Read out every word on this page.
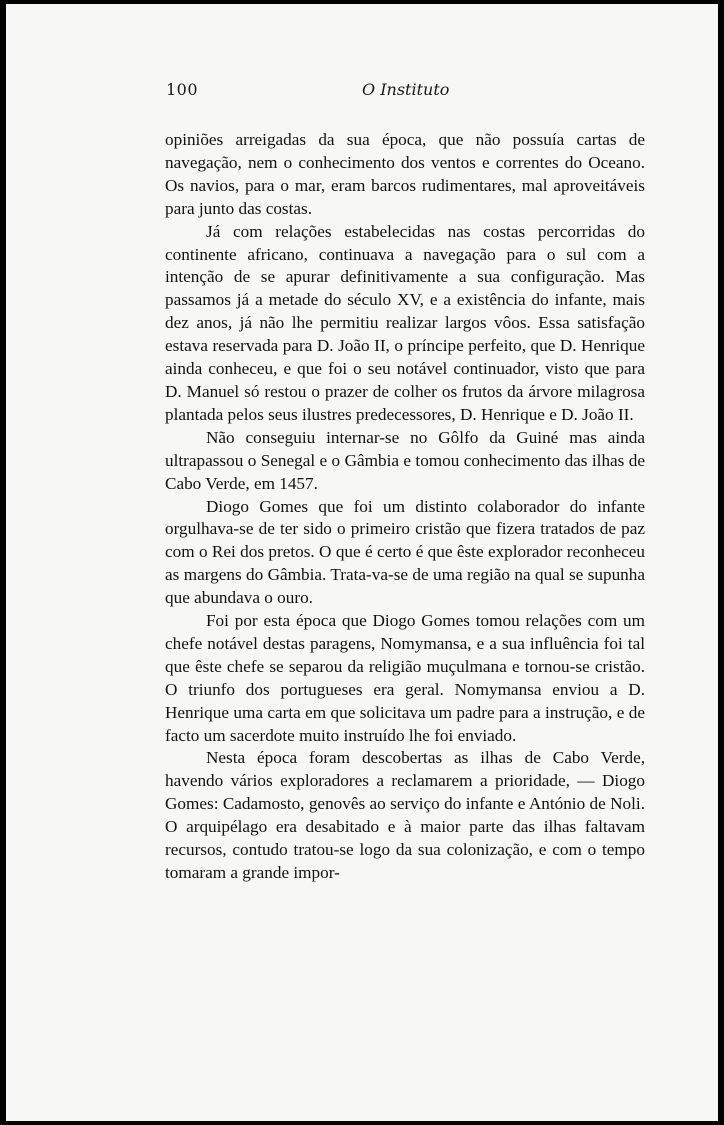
100	O Instituto

opiniões arreigadas da sua época, que não possuía cartas de navegação, nem o conhecimento dos ventos e correntes do Oceano. Os navios, para o mar, eram barcos rudimentares, mal aproveitáveis para junto das costas.

Já com relações estabelecidas nas costas percorridas do continente africano, continuava a navegação para o sul com a intenção de se apurar definitivamente a sua configuração. Mas passamos já a metade do século XV, e a existência do infante, mais dez anos, já não lhe permitiu realizar largos vôos. Essa satisfação estava reservada para D. João II, o príncipe perfeito, que D. Henrique ainda conheceu, e que foi o seu notável continuador, visto que para D. Manuel só restou o prazer de colher os frutos da árvore milagrosa plantada pelos seus ilustres predecessores, D. Henrique e D. João II.

Não conseguiu internar-se no Gôlfo da Guiné mas ainda ultrapassou o Senegal e o Gâmbia e tomou conhecimento das ilhas de Cabo Verde, em 1457.

Diogo Gomes que foi um distinto colaborador do infante orgulhava-se de ter sido o primeiro cristão que fizera tratados de paz com o Rei dos pretos. O que é certo é que êste explorador reconheceu as margens do Gâmbia. Trata-va-se de uma região na qual se supunha que abundava o ouro.

Foi por esta época que Diogo Gomes tomou relações com um chefe notável destas paragens, Nomymansa, e a sua influência foi tal que êste chefe se separou da religião muçulmana e tornou-se cristão. O triunfo dos portugueses era geral. Nomymansa enviou a D. Henrique uma carta em que solicitava um padre para a instrução, e de facto um sacerdote muito instruído lhe foi enviado.

Nesta época foram descobertas as ilhas de Cabo Verde, havendo vários exploradores a reclamarem a prioridade, — Diogo Gomes: Cadamosto, genovês ao serviço do infante e António de Noli. O arquipélago era desabitado e à maior parte das ilhas faltavam recursos, contudo tratou-se logo da sua colonização, e com o tempo tomaram a grande impor-
